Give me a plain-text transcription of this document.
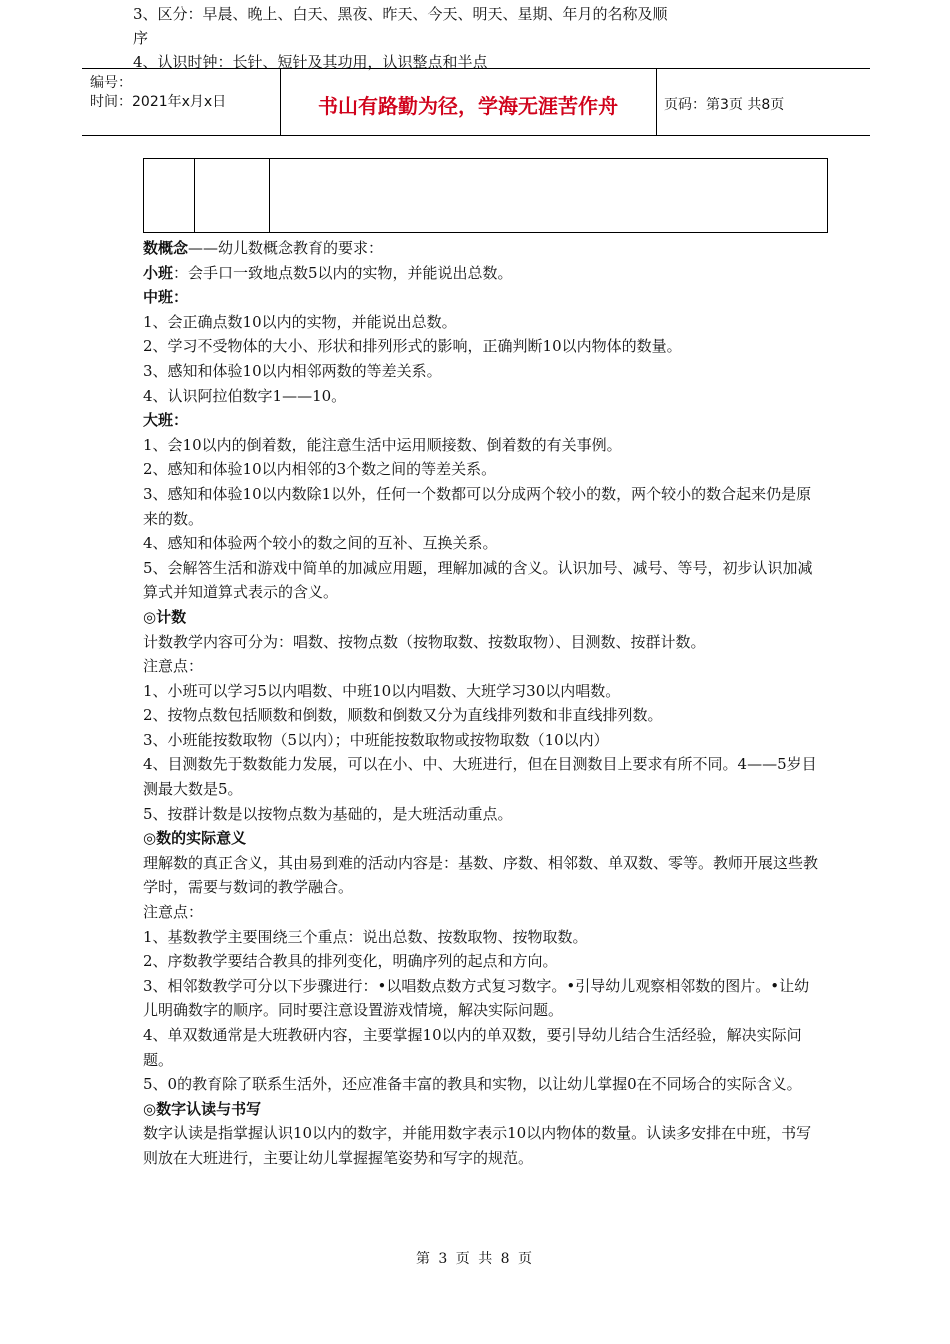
编号：
时间：2021年x月x日	书山有路勤为径，学海无涯苦作舟	页码：第3页 共8页

3、区分：早晨、晚上、白天、黑夜、昨天、今天、明天、星期、年月的名称及顺序

4、认识时钟：长针、短针及其功用，认识整点和半点

数概念——幼儿数概念教育的要求：

小班：会手口一致地点数5以内的实物，并能说出总数。

中班：

1、会正确点数10以内的实物，并能说出总数。

2、学习不受物体的大小、形状和排列形式的影响，正确判断10以内物体的数量。

3、感知和体验10以内相邻两数的等差关系。

4、认识阿拉伯数字1——10。

大班：

1、会10以内的倒着数，能注意生活中运用顺接数、倒着数的有关事例。

2、感知和体验10以内相邻的3个数之间的等差关系。

3、感知和体验10以内数除1以外，任何一个数都可以分成两个较小的数，两个较小的数合起来仍是原来的数。

4、感知和体验两个较小的数之间的互补、互换关系。

5、会解答生活和游戏中简单的加减应用题，理解加减的含义。认识加号、减号、等号，初步认识加减算式并知道算式表示的含义。

◎计数

计数教学内容可分为：唱数、按物点数（按物取数、按数取物）、目测数、按群计数。

注意点：

1、小班可以学习5以内唱数、中班10以内唱数、大班学习30以内唱数。

2、按物点数包括顺数和倒数，顺数和倒数又分为直线排列数和非直线排列数。

3、小班能按数取物（5以内）；中班能按数取物或按物取数（10以内）

4、目测数先于数数能力发展，可以在小、中、大班进行，但在目测数目上要求有所不同。4——5岁目测最大数是5。

5、按群计数是以按物点数为基础的，是大班活动重点。

◎数的实际意义

理解数的真正含义，其由易到难的活动内容是：基数、序数、相邻数、单双数、零等。教师开展这些教学时，需要与数词的教学融合。

注意点：

1、基数教学主要围绕三个重点：说出总数、按数取物、按物取数。

2、序数教学要结合教具的排列变化，明确序列的起点和方向。

3、相邻数教学可分以下步骤进行：•以唱数点数方式复习数字。•引导幼儿观察相邻数的图片。•让幼儿明确数字的顺序。同时要注意设置游戏情境，解决实际问题。

4、单双数通常是大班教研内容，主要掌握10以内的单双数，要引导幼儿结合生活经验，解决实际问题。

5、0的教育除了联系生活外，还应准备丰富的教具和实物，以让幼儿掌握0在不同场合的实际含义。

◎数字认读与书写

数字认读是指掌握认识10以内的数字，并能用数字表示10以内物体的数量。认读多安排在中班，书写则放在大班进行，主要让幼儿掌握握笔姿势和写字的规范。

第 3 页 共 8 页
